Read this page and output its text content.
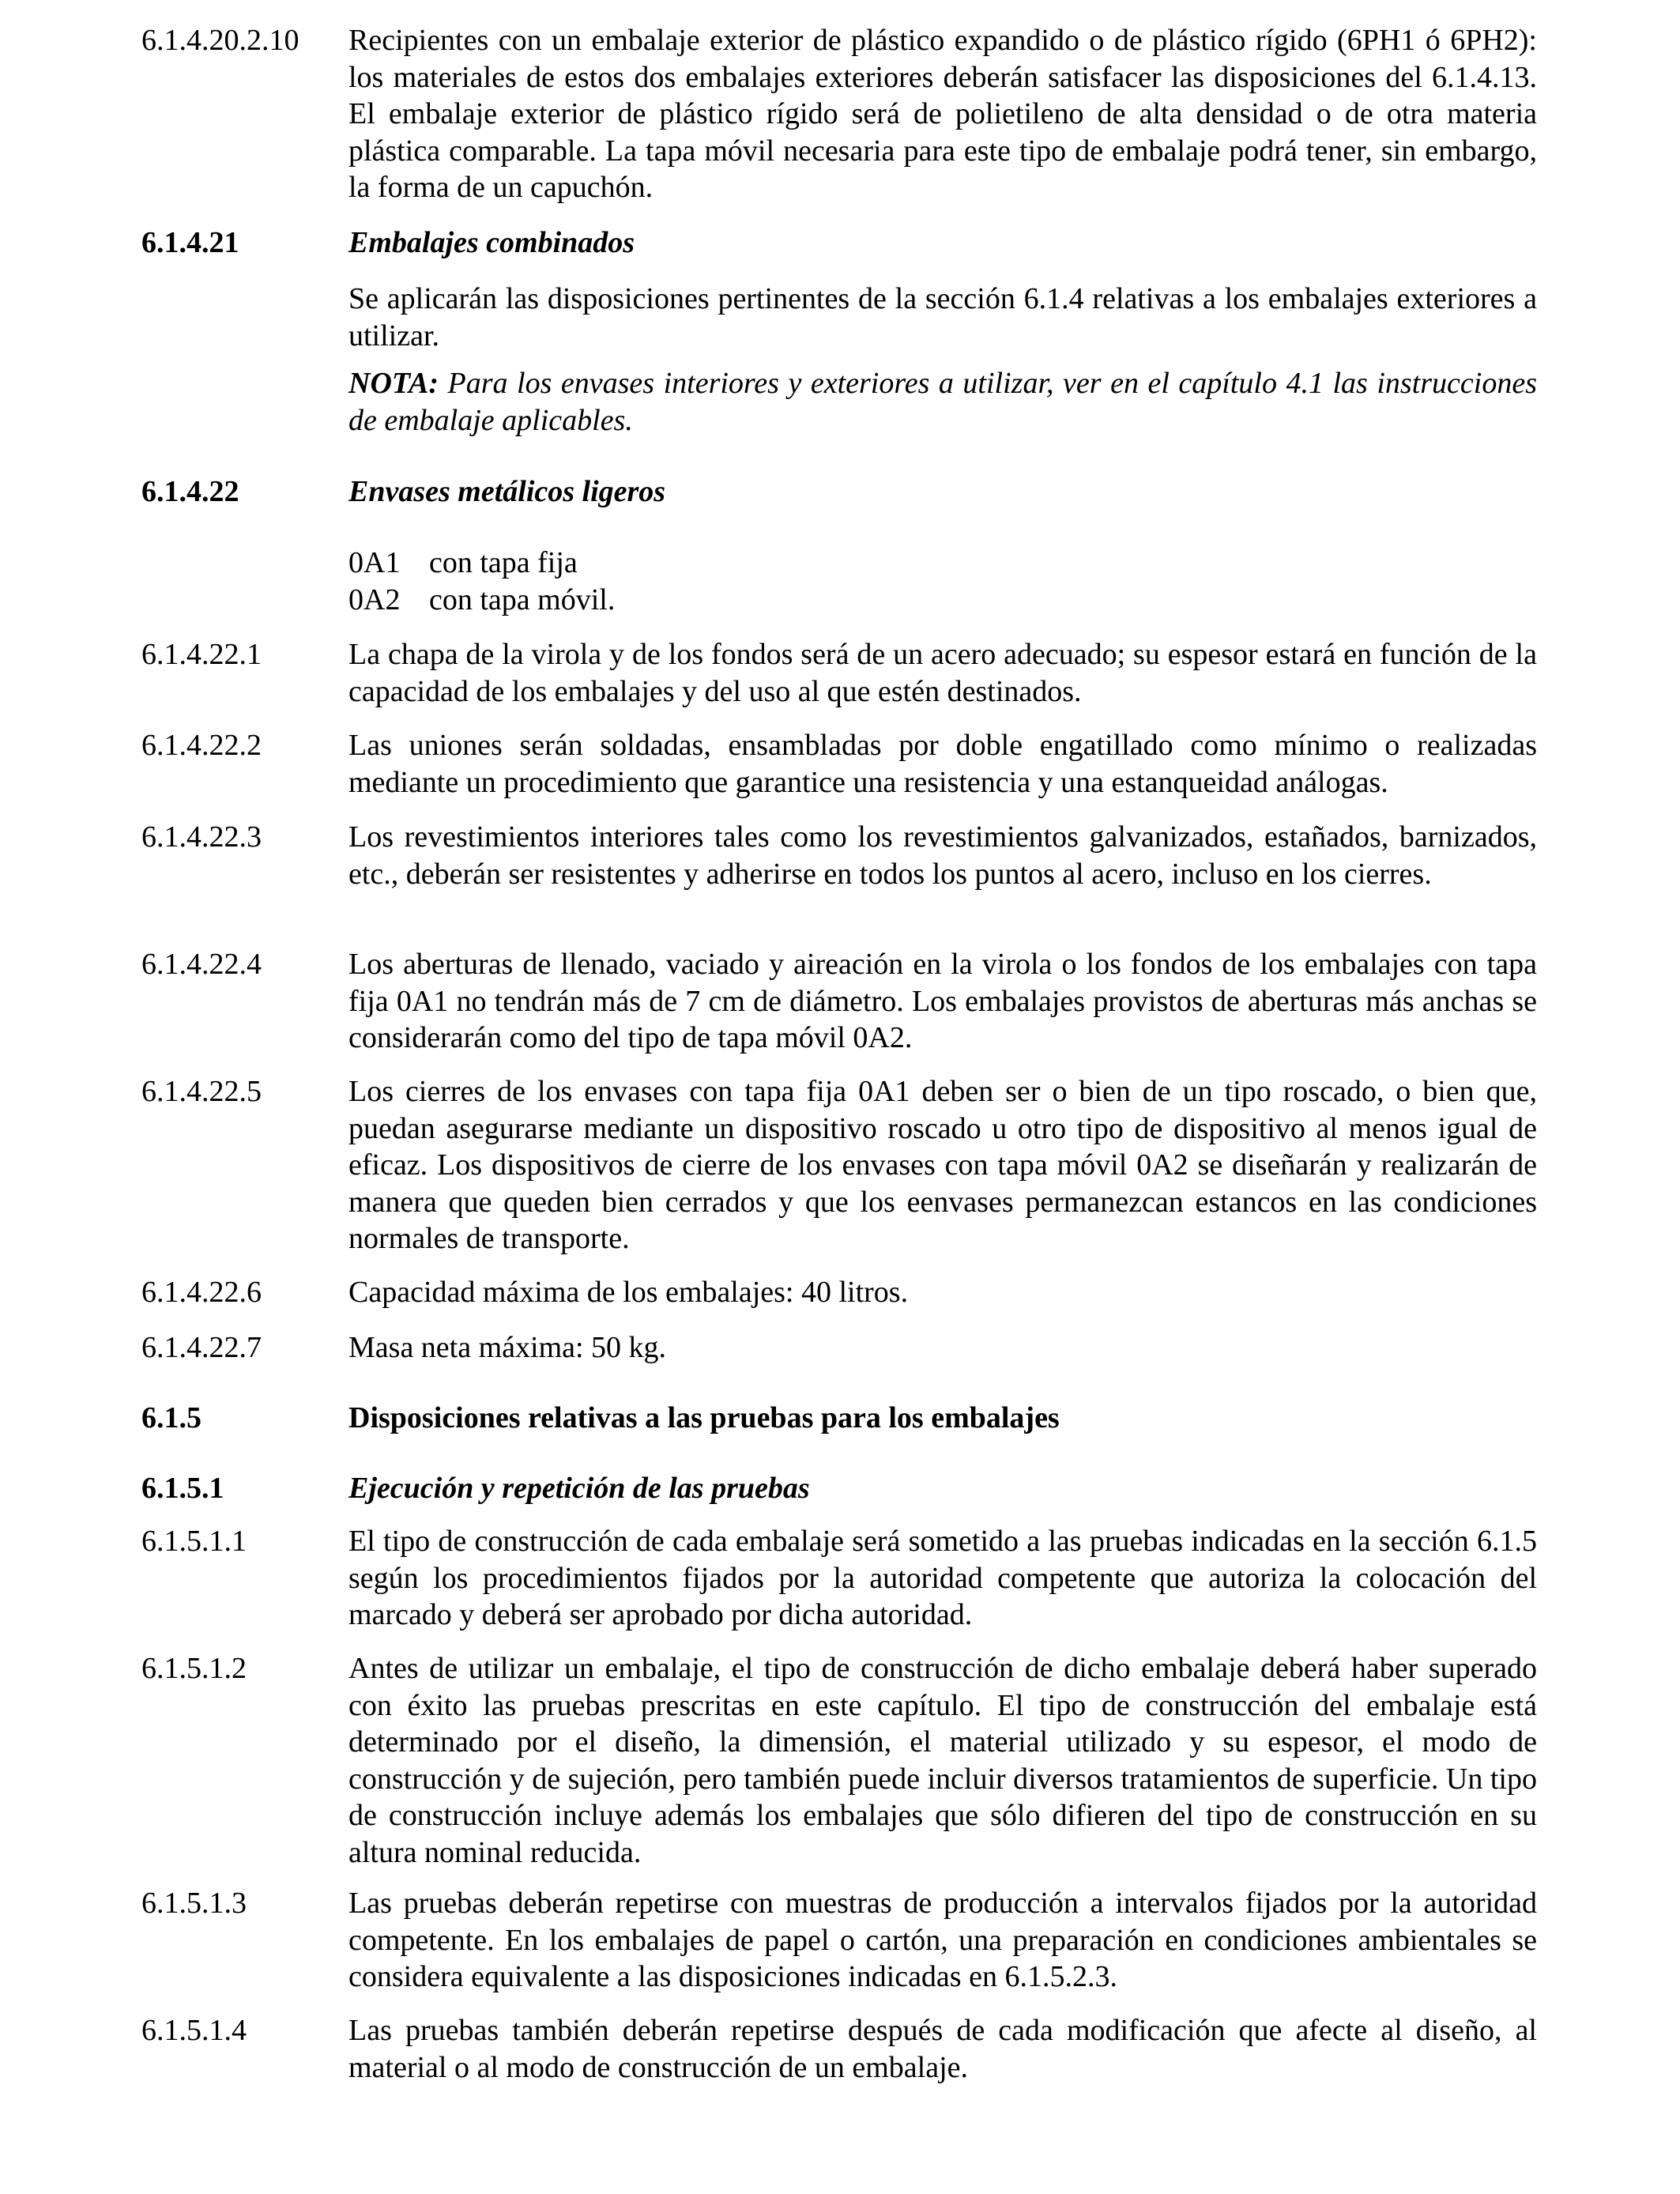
6.1.4.20.2.10	Recipientes con un embalaje exterior de plástico expandido o de plástico rígido (6PH1 ó 6PH2): los materiales de estos dos embalajes exteriores deberán satisfacer las disposiciones del 6.1.4.13. El embalaje exterior de plástico rígido será de polietileno de alta densidad o de otra materia plástica comparable. La tapa móvil necesaria para este tipo de embalaje podrá tener, sin embargo, la forma de un capuchón.
6.1.4.21	Embalajes combinados
Se aplicarán las disposiciones pertinentes de la sección 6.1.4 relativas a los embalajes exteriores a utilizar.
NOTA: Para los envases interiores y exteriores a utilizar, ver en el capítulo 4.1 las instrucciones de embalaje aplicables.
6.1.4.22	Envases metálicos ligeros
0A1 con tapa fija
0A2 con tapa móvil.
6.1.4.22.1	La chapa de la virola y de los fondos será de un acero adecuado; su espesor estará en función de la capacidad de los embalajes y del uso al que estén destinados.
6.1.4.22.2	Las uniones serán soldadas, ensambladas por doble engatillado como mínimo o realizadas mediante un procedimiento que garantice una resistencia y una estanqueidad análogas.
6.1.4.22.3	Los revestimientos interiores tales como los revestimientos galvanizados, estañados, barnizados, etc., deberán ser resistentes y adherirse en todos los puntos al acero, incluso en los cierres.
6.1.4.22.4	Los aberturas de llenado, vaciado y aireación en la virola o los fondos de los embalajes con tapa fija 0A1 no tendrán más de 7 cm de diámetro. Los embalajes provistos de aberturas más anchas se considerarán como del tipo de tapa móvil 0A2.
6.1.4.22.5	Los cierres de los envases con tapa fija 0A1 deben ser o bien de un tipo roscado, o bien que, puedan asegurarse mediante un dispositivo roscado u otro tipo de dispositivo al menos igual de eficaz. Los dispositivos de cierre de los envases con tapa móvil 0A2 se diseñarán y realizarán de manera que queden bien cerrados y que los eenvases permanezcan estancos en las condiciones normales de transporte.
6.1.4.22.6	Capacidad máxima de los embalajes: 40 litros.
6.1.4.22.7	Masa neta máxima: 50 kg.
6.1.5	Disposiciones relativas a las pruebas para los embalajes
6.1.5.1	Ejecución y repetición de las pruebas
6.1.5.1.1	El tipo de construcción de cada embalaje será sometido a las pruebas indicadas en la sección 6.1.5 según los procedimientos fijados por la autoridad competente que autoriza la colocación del marcado y deberá ser aprobado por dicha autoridad.
6.1.5.1.2	Antes de utilizar un embalaje, el tipo de construcción de dicho embalaje deberá haber superado con éxito las pruebas prescritas en este capítulo. El tipo de construcción del embalaje está determinado por el diseño, la dimensión, el material utilizado y su espesor, el modo de construcción y de sujeción, pero también puede incluir diversos tratamientos de superficie. Un tipo de construcción incluye además los embalajes que sólo difieren del tipo de construcción en su altura nominal reducida.
6.1.5.1.3	Las pruebas deberán repetirse con muestras de producción a intervalos fijados por la autoridad competente. En los embalajes de papel o cartón, una preparación en condiciones ambientales se considera equivalente a las disposiciones indicadas en 6.1.5.2.3.
6.1.5.1.4	Las pruebas también deberán repetirse después de cada modificación que afecte al diseño, al material o al modo de construcción de un embalaje.
